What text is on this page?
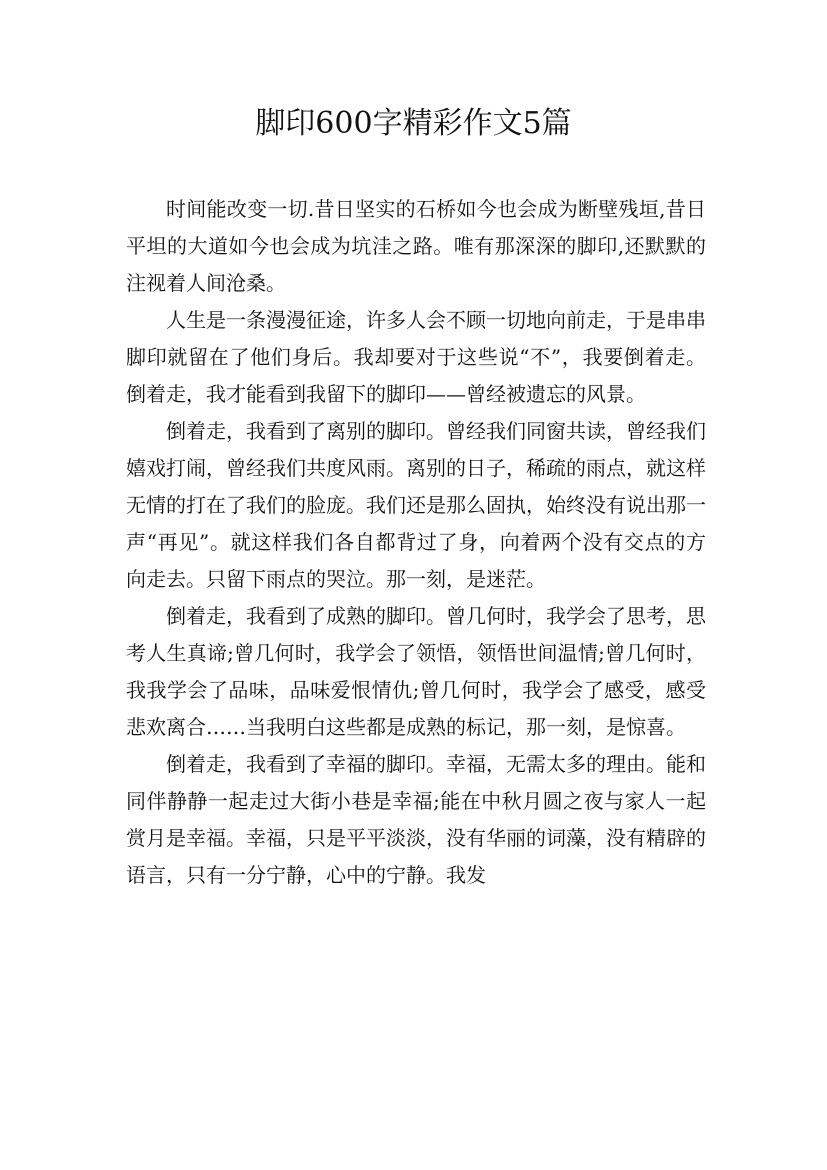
脚印600字精彩作文5篇

时间能改变一切.昔日坚实的石桥如今也会成为断壁残垣,昔日平坦的大道如今也会成为坑洼之路。唯有那深深的脚印,还默默的注视着人间沧桑。

人生是一条漫漫征途，许多人会不顾一切地向前走，于是串串脚印就留在了他们身后。我却要对于这些说“不”，我要倒着走。倒着走，我才能看到我留下的脚印——曾经被遗忘的风景。

倒着走，我看到了离别的脚印。曾经我们同窗共读，曾经我们嬉戏打闹，曾经我们共度风雨。离别的日子，稀疏的雨点，就这样无情的打在了我们的脸庞。我们还是那么固执，始终没有说出那一声“再见”。就这样我们各自都背过了身，向着两个没有交点的方向走去。只留下雨点的哭泣。那一刻，是迷茫。

倒着走，我看到了成熟的脚印。曾几何时，我学会了思考，思考人生真谛;曾几何时，我学会了领悟，领悟世间温情;曾几何时，我我学会了品味，品味爱恨情仇;曾几何时，我学会了感受，感受悲欢离合……当我明白这些都是成熟的标记，那一刻，是惊喜。

倒着走，我看到了幸福的脚印。幸福，无需太多的理由。能和同伴静静一起走过大街小巷是幸福;能在中秋月圆之夜与家人一起赏月是幸福。幸福，只是平平淡淡，没有华丽的词藻，没有精辟的语言，只有一分宁静，心中的宁静。我发
